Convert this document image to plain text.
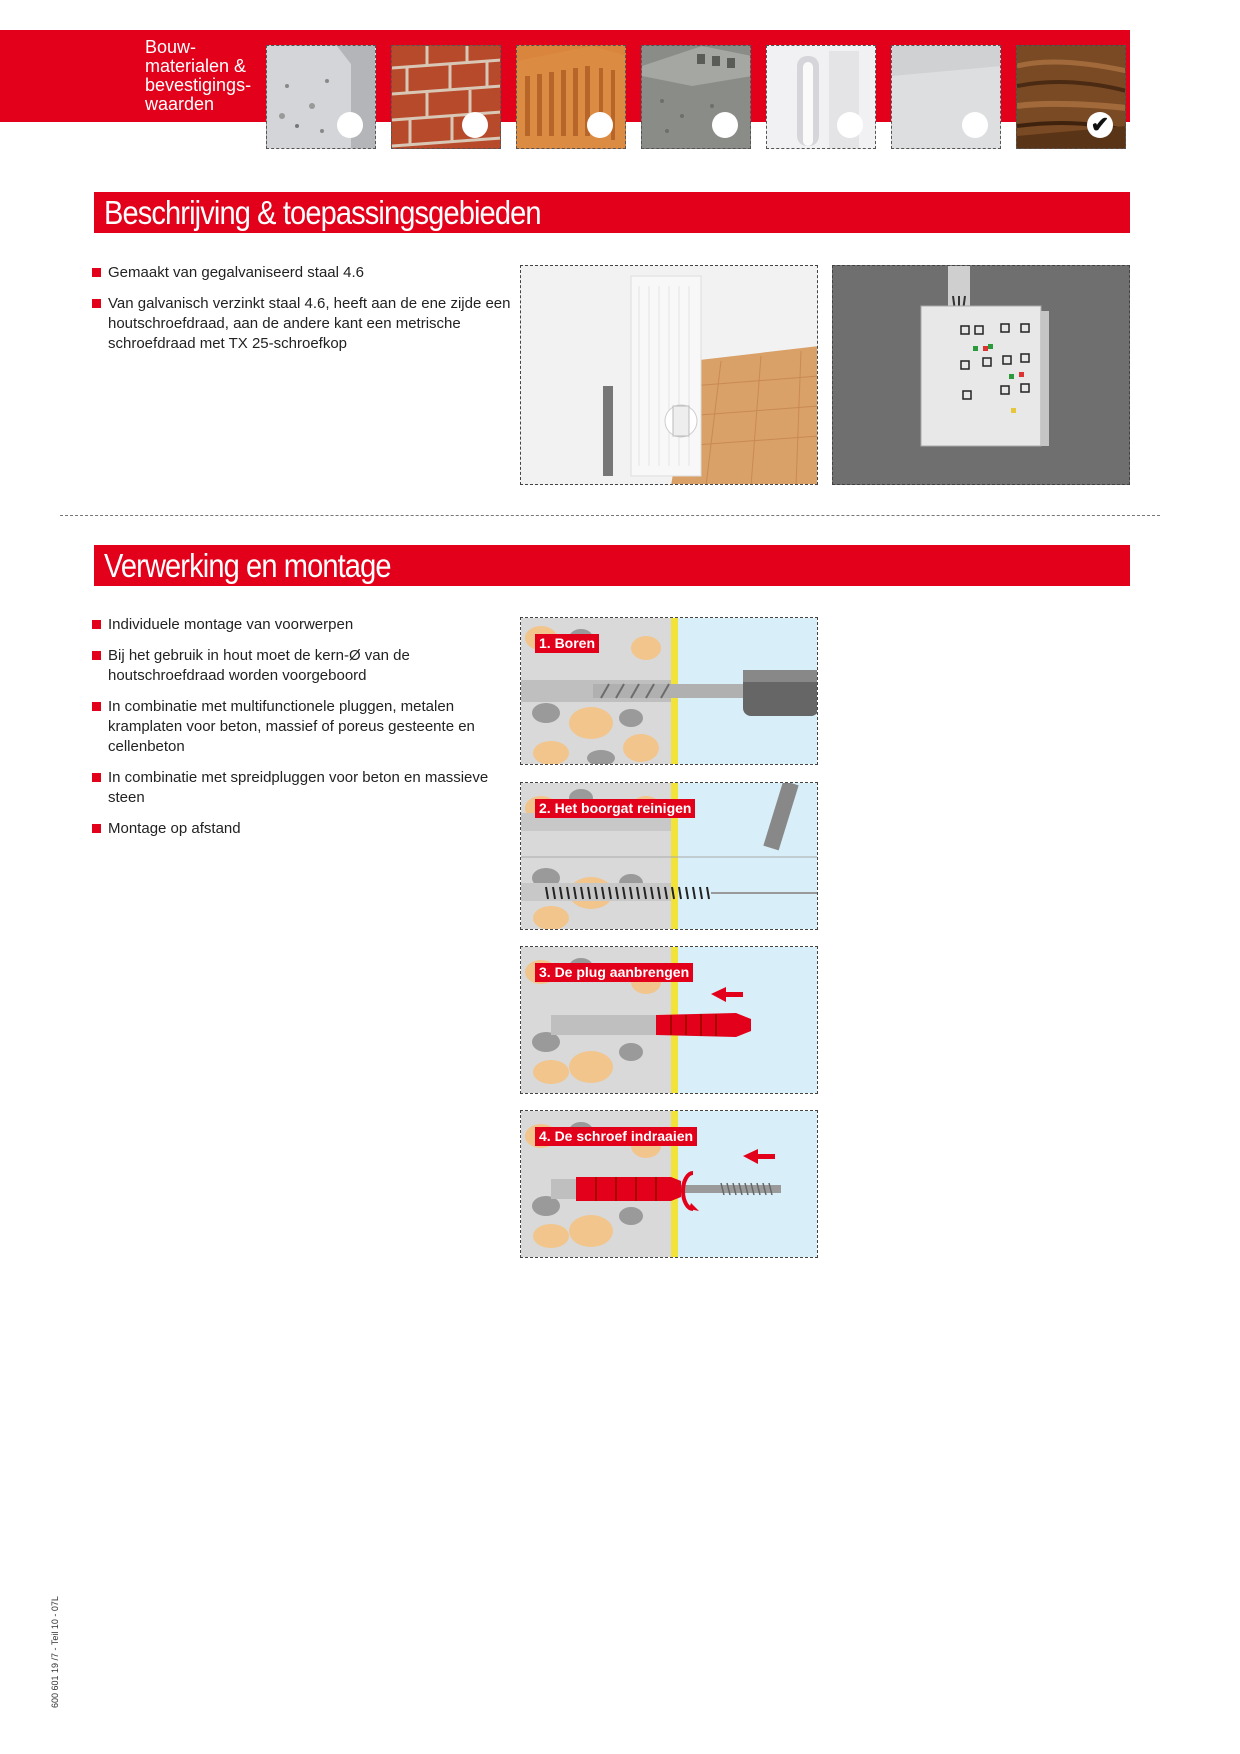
Bouw-
materialen &
bevestigings-
waarden
✔
Beschrijving & toepassingsgebieden
Gemaakt van gegalvaniseerd staal 4.6
Van galvanisch verzinkt staal 4.6, heeft aan de ene zijde een houtschroefdraad, aan de andere kant een metrische schroefdraad met TX 25-schroefkop
Verwerking en montage
Individuele montage van voorwerpen
Bij het gebruik in hout moet de kern-Ø van de houtschroefdraad worden voorgeboord
In combinatie met multifunctionele pluggen, metalen kramplaten voor beton, massief of poreus gesteente en cellenbeton
In combinatie met spreidpluggen voor beton en massieve steen
Montage op afstand
1. Boren
2. Het boorgat reinigen
3. De plug aanbrengen
4. De schroef indraaien
600 601 19 /7 - Teil 10 - 07L
